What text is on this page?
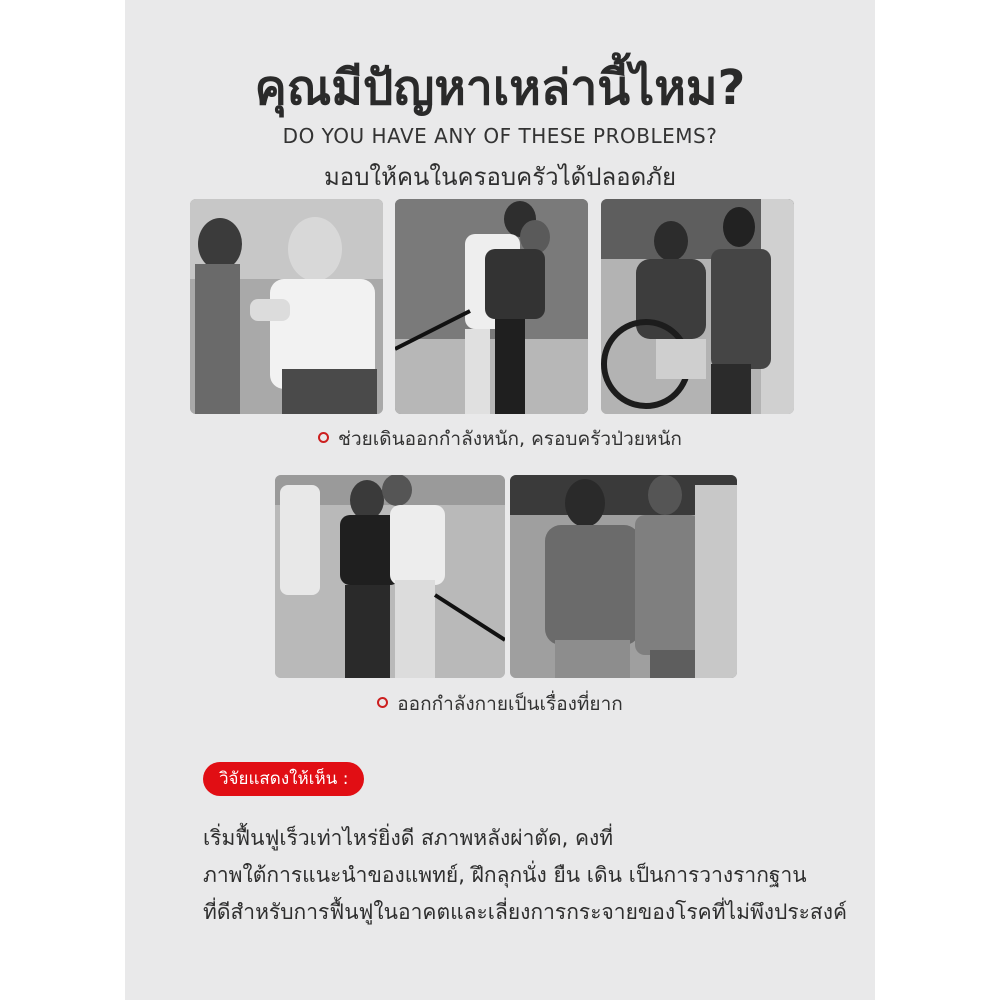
คุณมีปัญหาเหล่านี้ไหม?
DO YOU HAVE ANY OF THESE PROBLEMS?
มอบให้คนในครอบครัวได้ปลอดภัย
ช่วยเดินออกกำลังหนัก, ครอบครัวป่วยหนัก
ออกกำลังกายเป็นเรื่องที่ยาก
วิจัยแสดงให้เห็น :
เริ่มฟื้นฟูเร็วเท่าไหร่ยิ่งดี สภาพหลังผ่าตัด, คงที่
ภาพใต้การแนะนำของแพทย์, ฝึกลุกนั่ง ยืน เดิน เป็นการวางรากฐาน
ที่ดีสำหรับการฟื้นฟูในอาคตและเลี่ยงการกระจายของโรคที่ไม่พึงประสงค์
